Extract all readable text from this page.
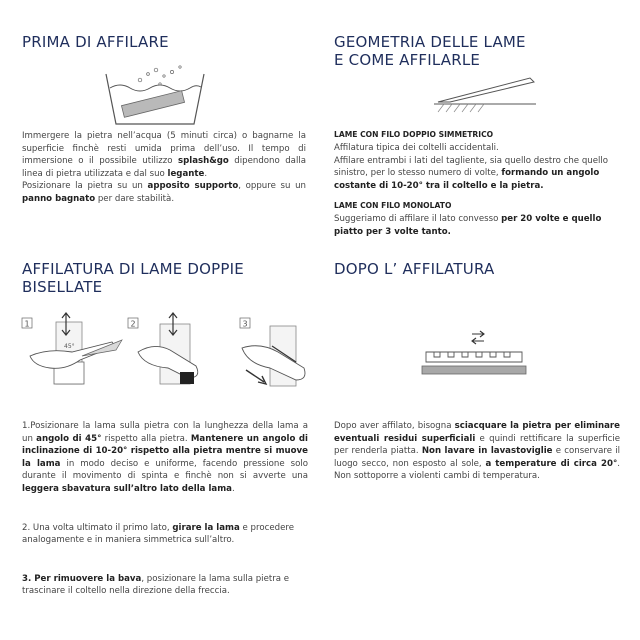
PRIMA DI AFFILARE

Immergere la pietra nell’acqua (5 minuti circa) o bagnarne la superficie finchè resti umida prima dell’uso. Il tempo di immersione o il possibile utilizzo splash&go dipendono dalla linea di pietra utilizzata e dal suo legante.

Posizionare la pietra su un apposito supporto, oppure su un panno bagnato per dare stabilità.

GEOMETRIA DELLE LAME
E COME AFFILARLE
LAME CON FILO DOPPIO SIMMETRICO

Affilatura tipica dei coltelli accidentali.

Affilare entrambi i lati del tagliente, sia quello destro che quello sinistro, per lo stesso numero di volte, formando un angolo costante di 10-20° tra il coltello e la pietra.

LAME CON FILO MONOLATO

Suggeriamo di affilare il lato convesso per 20 volte e quello piatto per 3 volte tanto.

AFFILATURA DI LAME DOPPIE
BISELLATE
1
45°
2	3

1.Posizionare la lama sulla pietra con la lunghezza della lama a un angolo di 45° rispetto alla pietra. Mantenere un angolo di inclinazione di 10-20° rispetto alla pietra mentre si muove la lama in modo deciso e uniforme, facendo pressione solo durante il movimento di spinta e finchè non si avverte una leggera sbavatura sull’altro lato della lama.

2. Una volta ultimato il primo lato, girare la lama e procedere analogamente e in maniera simmetrica sull’altro.

3. Per rimuovere la bava, posizionare la lama sulla pietra e trascinare il coltello nella direzione della freccia.

DOPO L’ AFFILATURA

Dopo aver affilato, bisogna sciacquare la pietra per eliminare eventuali residui superficiali e quindi rettificare la superficie per renderla piatta. Non lavare in lavastoviglie e conservare il luogo secco, non esposto al sole, a temperature di circa 20°. Non sottoporre a violenti cambi di temperatura.
